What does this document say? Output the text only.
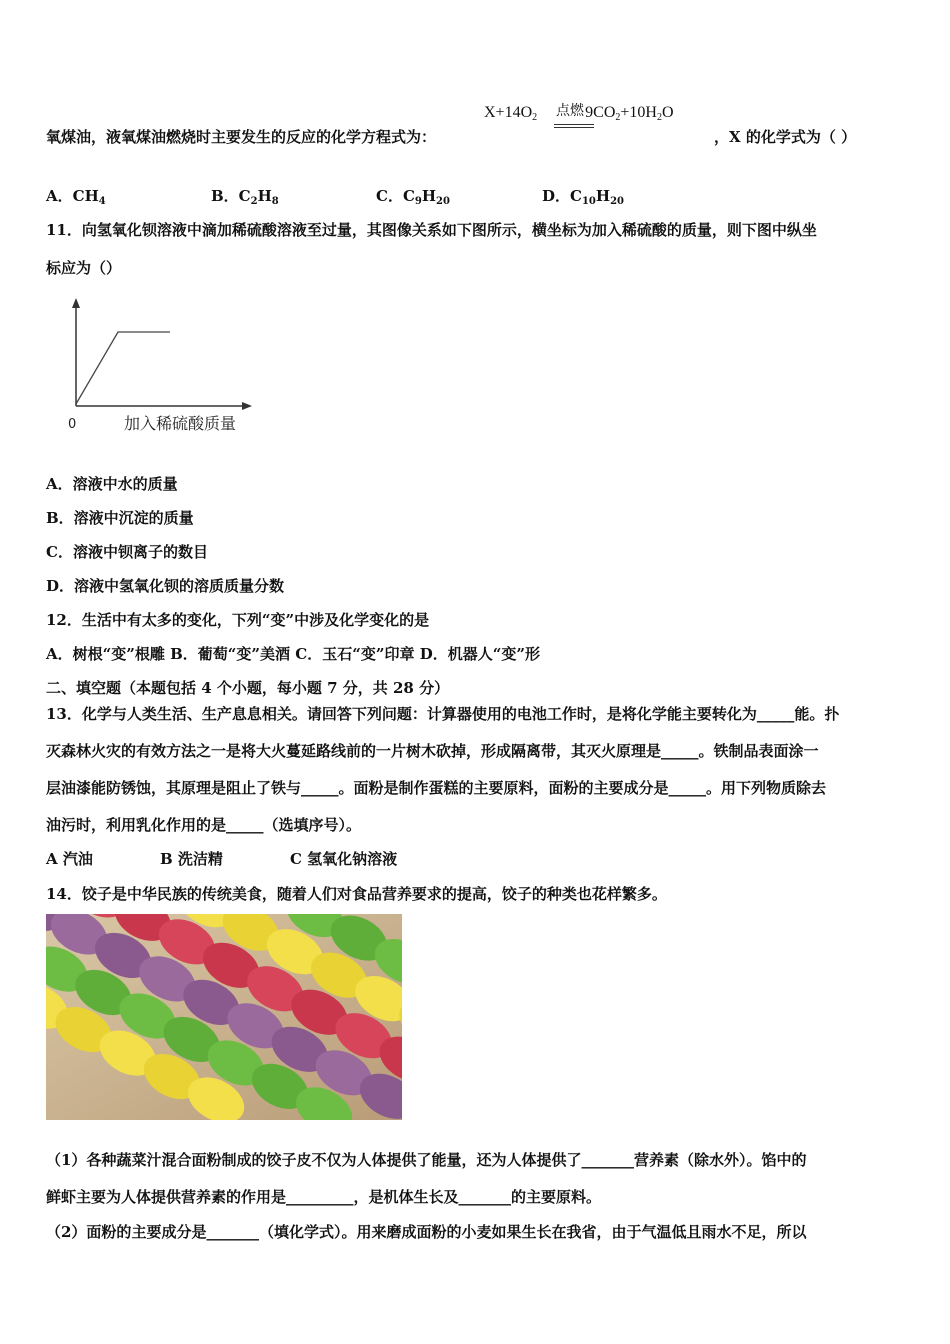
氧煤油，液氧煤油燃烧时主要发生的反应的化学方程式为：
$X+14O_2$	$9CO_2+10H_2O$
点燃
，X 的化学式为（ ）
A．$CH_4$	B．$C_2H_8$	C．$C_9H_{20}$	D．$C_{10}H_{20}$
11．向氢氧化钡溶液中滴加稀硫酸溶液至过量，其图像关系如下图所示，横坐标为加入稀硫酸的质量，则下图中纵坐
标应为（）
0	加入稀硫酸质量
A．溶液中水的质量
B．溶液中沉淀的质量
C．溶液中钡离子的数目
D．溶液中氢氧化钡的溶质质量分数
12．生活中有太多的变化，下列“变”中涉及化学变化的是
A．树根“变”根雕 B．葡萄“变”美酒 C．玉石“变”印章 D．机器人“变”形
二、填空题（本题包括 4 个小题，每小题 7 分，共 28 分）
13．化学与人类生活、生产息息相关。请回答下列问题：计算器使用的电池工作时，是将化学能主要转化为_____能。扑
灭森林火灾的有效方法之一是将大火蔓延路线前的一片树木砍掉，形成隔离带，其灭火原理是_____。铁制品表面涂一
层油漆能防锈蚀，其原理是阻止了铁与_____。面粉是制作蛋糕的主要原料，面粉的主要成分是_____。用下列物质除去
油污时，利用乳化作用的是_____（选填序号）。
A 汽油	B 洗洁精	C 氢氧化钠溶液
14．饺子是中华民族的传统美食，随着人们对食品营养要求的提高，饺子的种类也花样繁多。
（1）各种蔬菜汁混合面粉制成的饺子皮不仅为人体提供了能量，还为人体提供了_______营养素（除水外）。馅中的
鲜虾主要为人体提供营养素的作用是_________，是机体生长及_______的主要原料。
（2）面粉的主要成分是_______（填化学式）。用来磨成面粉的小麦如果生长在我省，由于气温低且雨水不足，所以
